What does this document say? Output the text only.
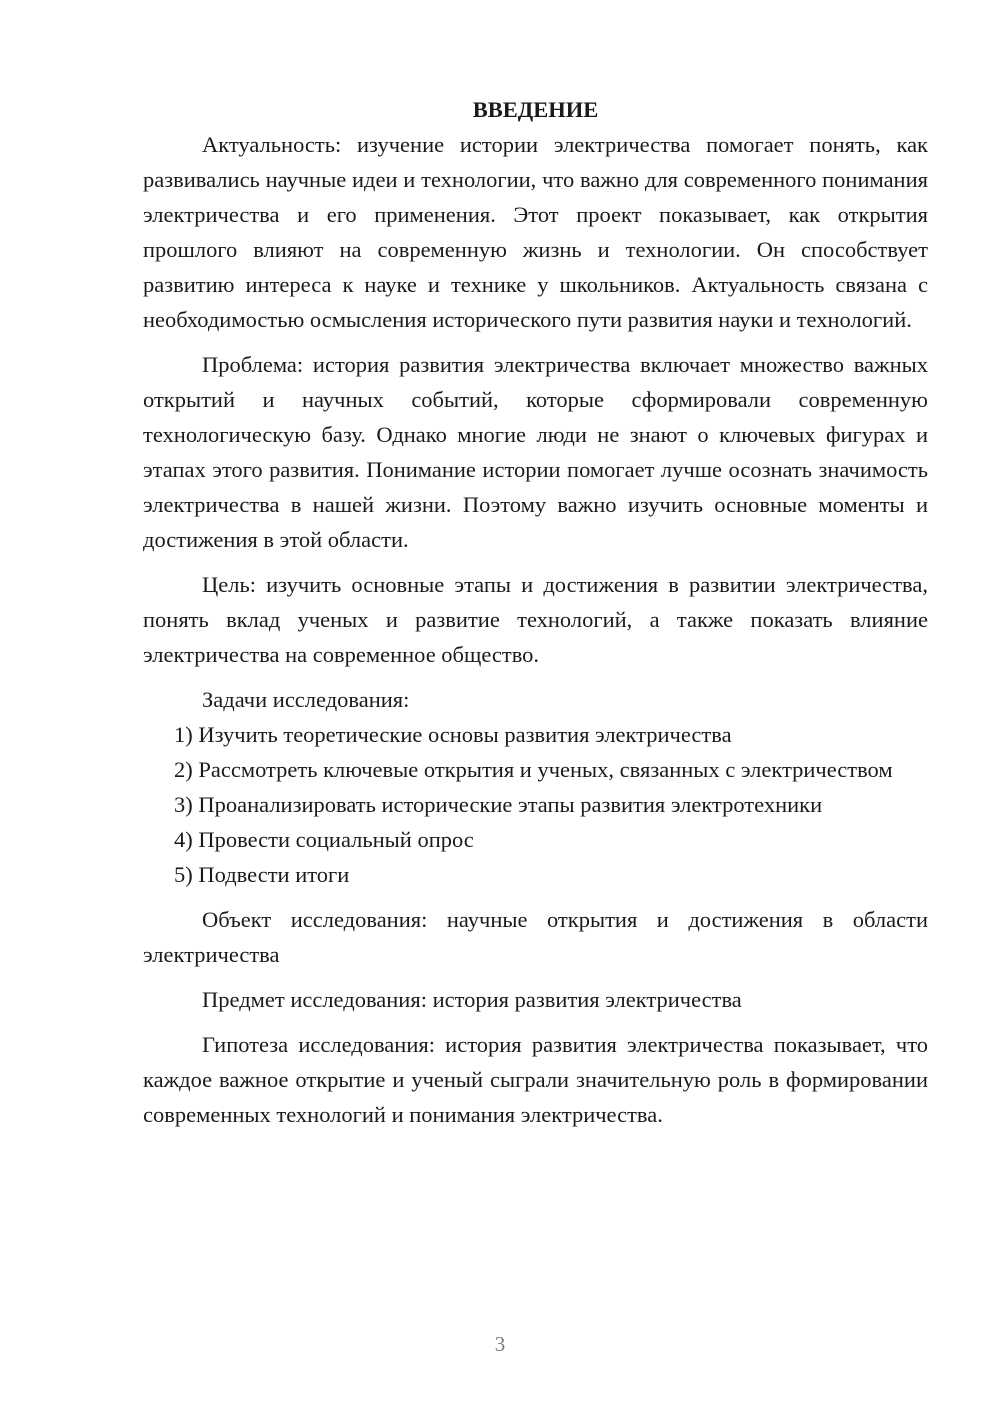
ВВЕДЕНИЕ

Актуальность: изучение истории электричества помогает понять, как развивались научные идеи и технологии, что важно для современного понимания электричества и его применения. Этот проект показывает, как открытия прошлого влияют на современную жизнь и технологии. Он способствует развитию интереса к науке и технике у школьников. Актуальность связана с необходимостью осмысления исторического пути развития науки и технологий.

Проблема: история развития электричества включает множество важных открытий и научных событий, которые сформировали современную технологическую базу. Однако многие люди не знают о ключевых фигурах и этапах этого развития. Понимание истории помогает лучше осознать значимость электричества в нашей жизни. Поэтому важно изучить основные моменты и достижения в этой области.

Цель: изучить основные этапы и достижения в развитии электричества, понять вклад ученых и развитие технологий, а также показать влияние электричества на современное общество.

Задачи исследования:

1) Изучить теоретические основы развития электричества

2) Рассмотреть ключевые открытия и ученых, связанных с электричеством

3) Проанализировать исторические этапы развития электротехники

4) Провести социальный опрос

5) Подвести итоги

Объект исследования: научные открытия и достижения в области электричества

Предмет исследования: история развития электричества

Гипотеза исследования: история развития электричества показывает, что каждое важное открытие и ученый сыграли значительную роль в формировании современных технологий и понимания электричества.

3
